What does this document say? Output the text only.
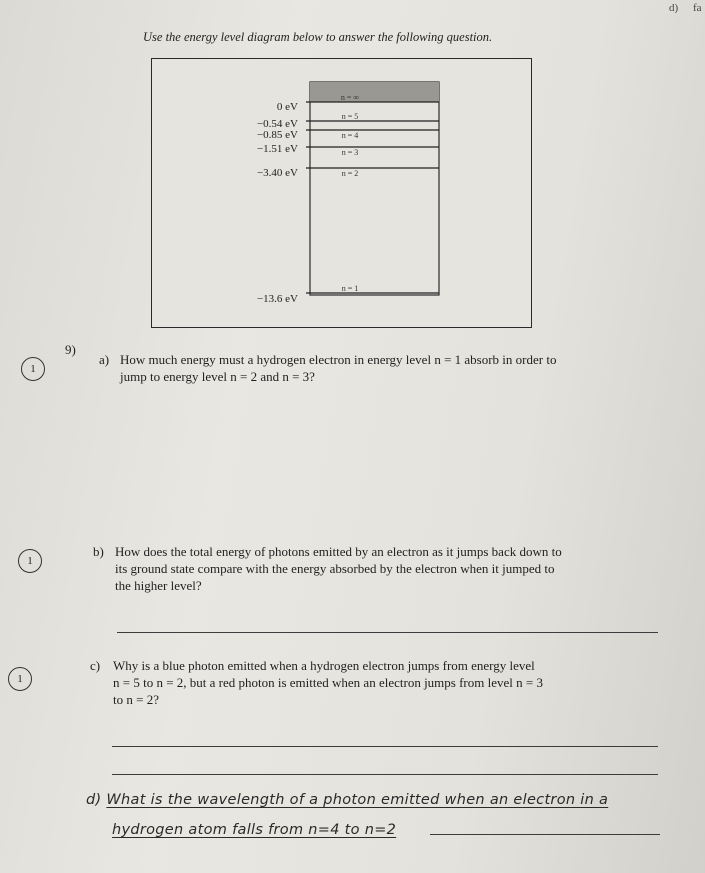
d) fa
Use the energy level diagram below to answer the following question.
0 eV
−0.54 eV
−0.85 eV
−1.51 eV
−3.40 eV
−13.6 eV
n = ∞
n = 5
n = 4
n = 3
n = 2
n = 1
9)
1
a) How much energy must a hydrogen electron in energy level n = 1 absorb in order to
jump to energy level n = 2 and n = 3?
1
b) How does the total energy of photons emitted by an electron as it jumps back down to
its ground state compare with the energy absorbed by the electron when it jumped to
the higher level?
1
c) Why is a blue photon emitted when a hydrogen electron jumps from energy level
n = 5 to n = 2, but a red photon is emitted when an electron jumps from level n = 3
to n = 2?
d) What is the wavelength of a photon emitted when an electron in a
hydrogen atom falls from n=4 to n=2
